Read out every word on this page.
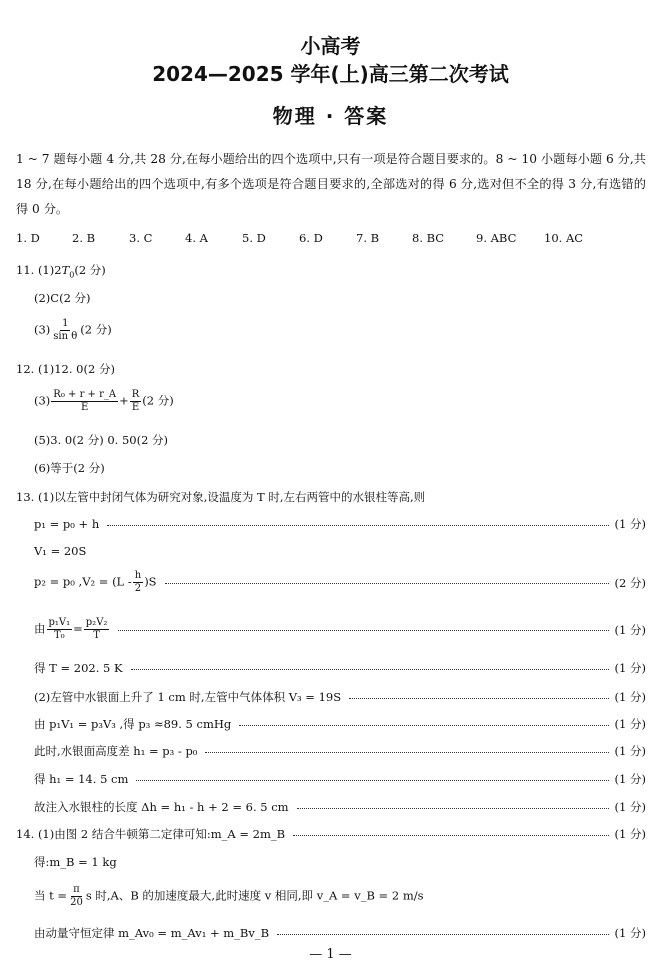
小高考
2024—2025 学年(上)高三第二次考试
物理 · 答案
1 ~ 7 题每小题 4 分,共 28 分,在每小题给出的四个选项中,只有一项是符合题目要求的。8 ~ 10 小题每小题 6 分,共 18 分,在每小题给出的四个选项中,有多个选项是符合题目要求的,全部选对的得 6 分,选对但不全的得 3 分,有选错的得 0 分。
1. D	2. B	3. C	4. A	5. D	6. D	7. B	8. BC	9. ABC	10. AC
11. $(1)2T_0(2$ 分)
(2)C(2 分)
$(3) \frac{1}{\text{sin θ}} (2$ 分)
12. (1)12. 0(2 分)
$(3) \frac{\text{R₀ + r + r\_A}}{E} + \frac{R}{E} (2$ 分)
(5)3. 0(2 分) 0. 50(2 分)
(6)等于(2 分)
13. (1)以左管中封闭气体为研究对象,设温度为 T 时,左右两管中的水银柱等高,则
p₁ = p₀ + h	(1 分)
V₁ = 20S
p₂ = p₀ $,V_2 = (L - \frac{h}{2} )S$	(2 分)
由 $\frac{\text{p₁V₁}}{\text{T₀}} = \frac{\text{p₂V₂}}{T}$	(1 分)
得 T = 202. 5 K	(1 分)
(2)左管中水银面上升了 1 cm 时,左管中气体体积 V₃ = 19S	(1 分)
由 p₁V₁ = p₃V₃ ,得 p₃ ≈89. 5 cmHg	(1 分)
此时,水银面高度差 h₁ = p₃ - p₀	(1 分)
得 h₁ = 14. 5 cm	(1 分)
故注入水银柱的长度 Δh = h₁ - h + 2 = 6. 5 cm	(1 分)
14. (1)由图 2 结合牛顿第二定律可知:m_A = 2m_B	(1 分)
得:m_B = 1 kg
当 $t = \frac{\pi}{20}$ s 时,A、B 的加速度最大,此时速度 v 相同,即 v_A = v_B = 2 m/s
由动量守恒定律 m_Av₀ = m_Av₁ + m_Bv_B	(1 分)
— 1 —
